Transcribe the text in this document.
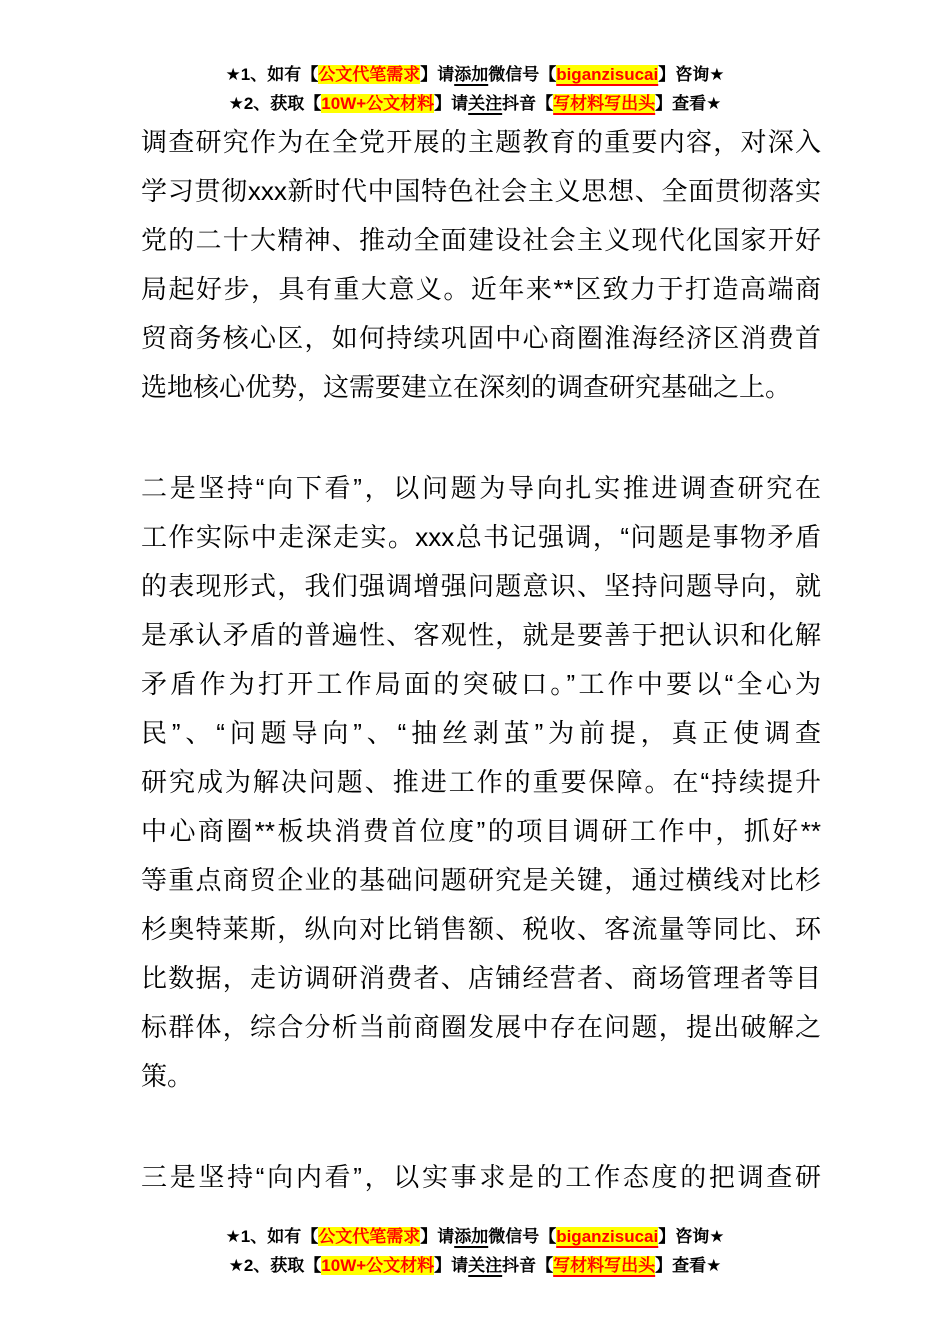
★1、如有【公文代笔需求】请添加微信号【biganzisucai】咨询★
★2、获取【10W+公文材料】请关注抖音【写材料写出头】查看★
调查研究作为在全党开展的主题教育的重要内容，对深入
学习贯彻xxx新时代中国特色社会主义思想、全面贯彻落实
党的二十大精神、推动全面建设社会主义现代化国家开好
局起好步，具有重大意义。近年来**区致力于打造高端商
贸商务核心区，如何持续巩固中心商圈淮海经济区消费首
选地核心优势，这需要建立在深刻的调查研究基础之上。
二是坚持“向下看”，以问题为导向扎实推进调查研究在
工作实际中走深走实。xxx总书记强调，“问题是事物矛盾
的表现形式，我们强调增强问题意识、坚持问题导向，就
是承认矛盾的普遍性、客观性，就是要善于把认识和化解
矛盾作为打开工作局面的突破口。”工作中要以“全心为
民”、“问题导向”、“抽丝剥茧”为前提，真正使调查
研究成为解决问题、推进工作的重要保障。在“持续提升
中心商圈**板块消费首位度”的项目调研工作中，抓好**
等重点商贸企业的基础问题研究是关键，通过横线对比杉
杉奥特莱斯，纵向对比销售额、税收、客流量等同比、环
比数据，走访调研消费者、店铺经营者、商场管理者等目
标群体，综合分析当前商圈发展中存在问题，提出破解之
策。
三是坚持“向内看”，以实事求是的工作态度的把调查研
★1、如有【公文代笔需求】请添加微信号【biganzisucai】咨询★
★2、获取【10W+公文材料】请关注抖音【写材料写出头】查看★
